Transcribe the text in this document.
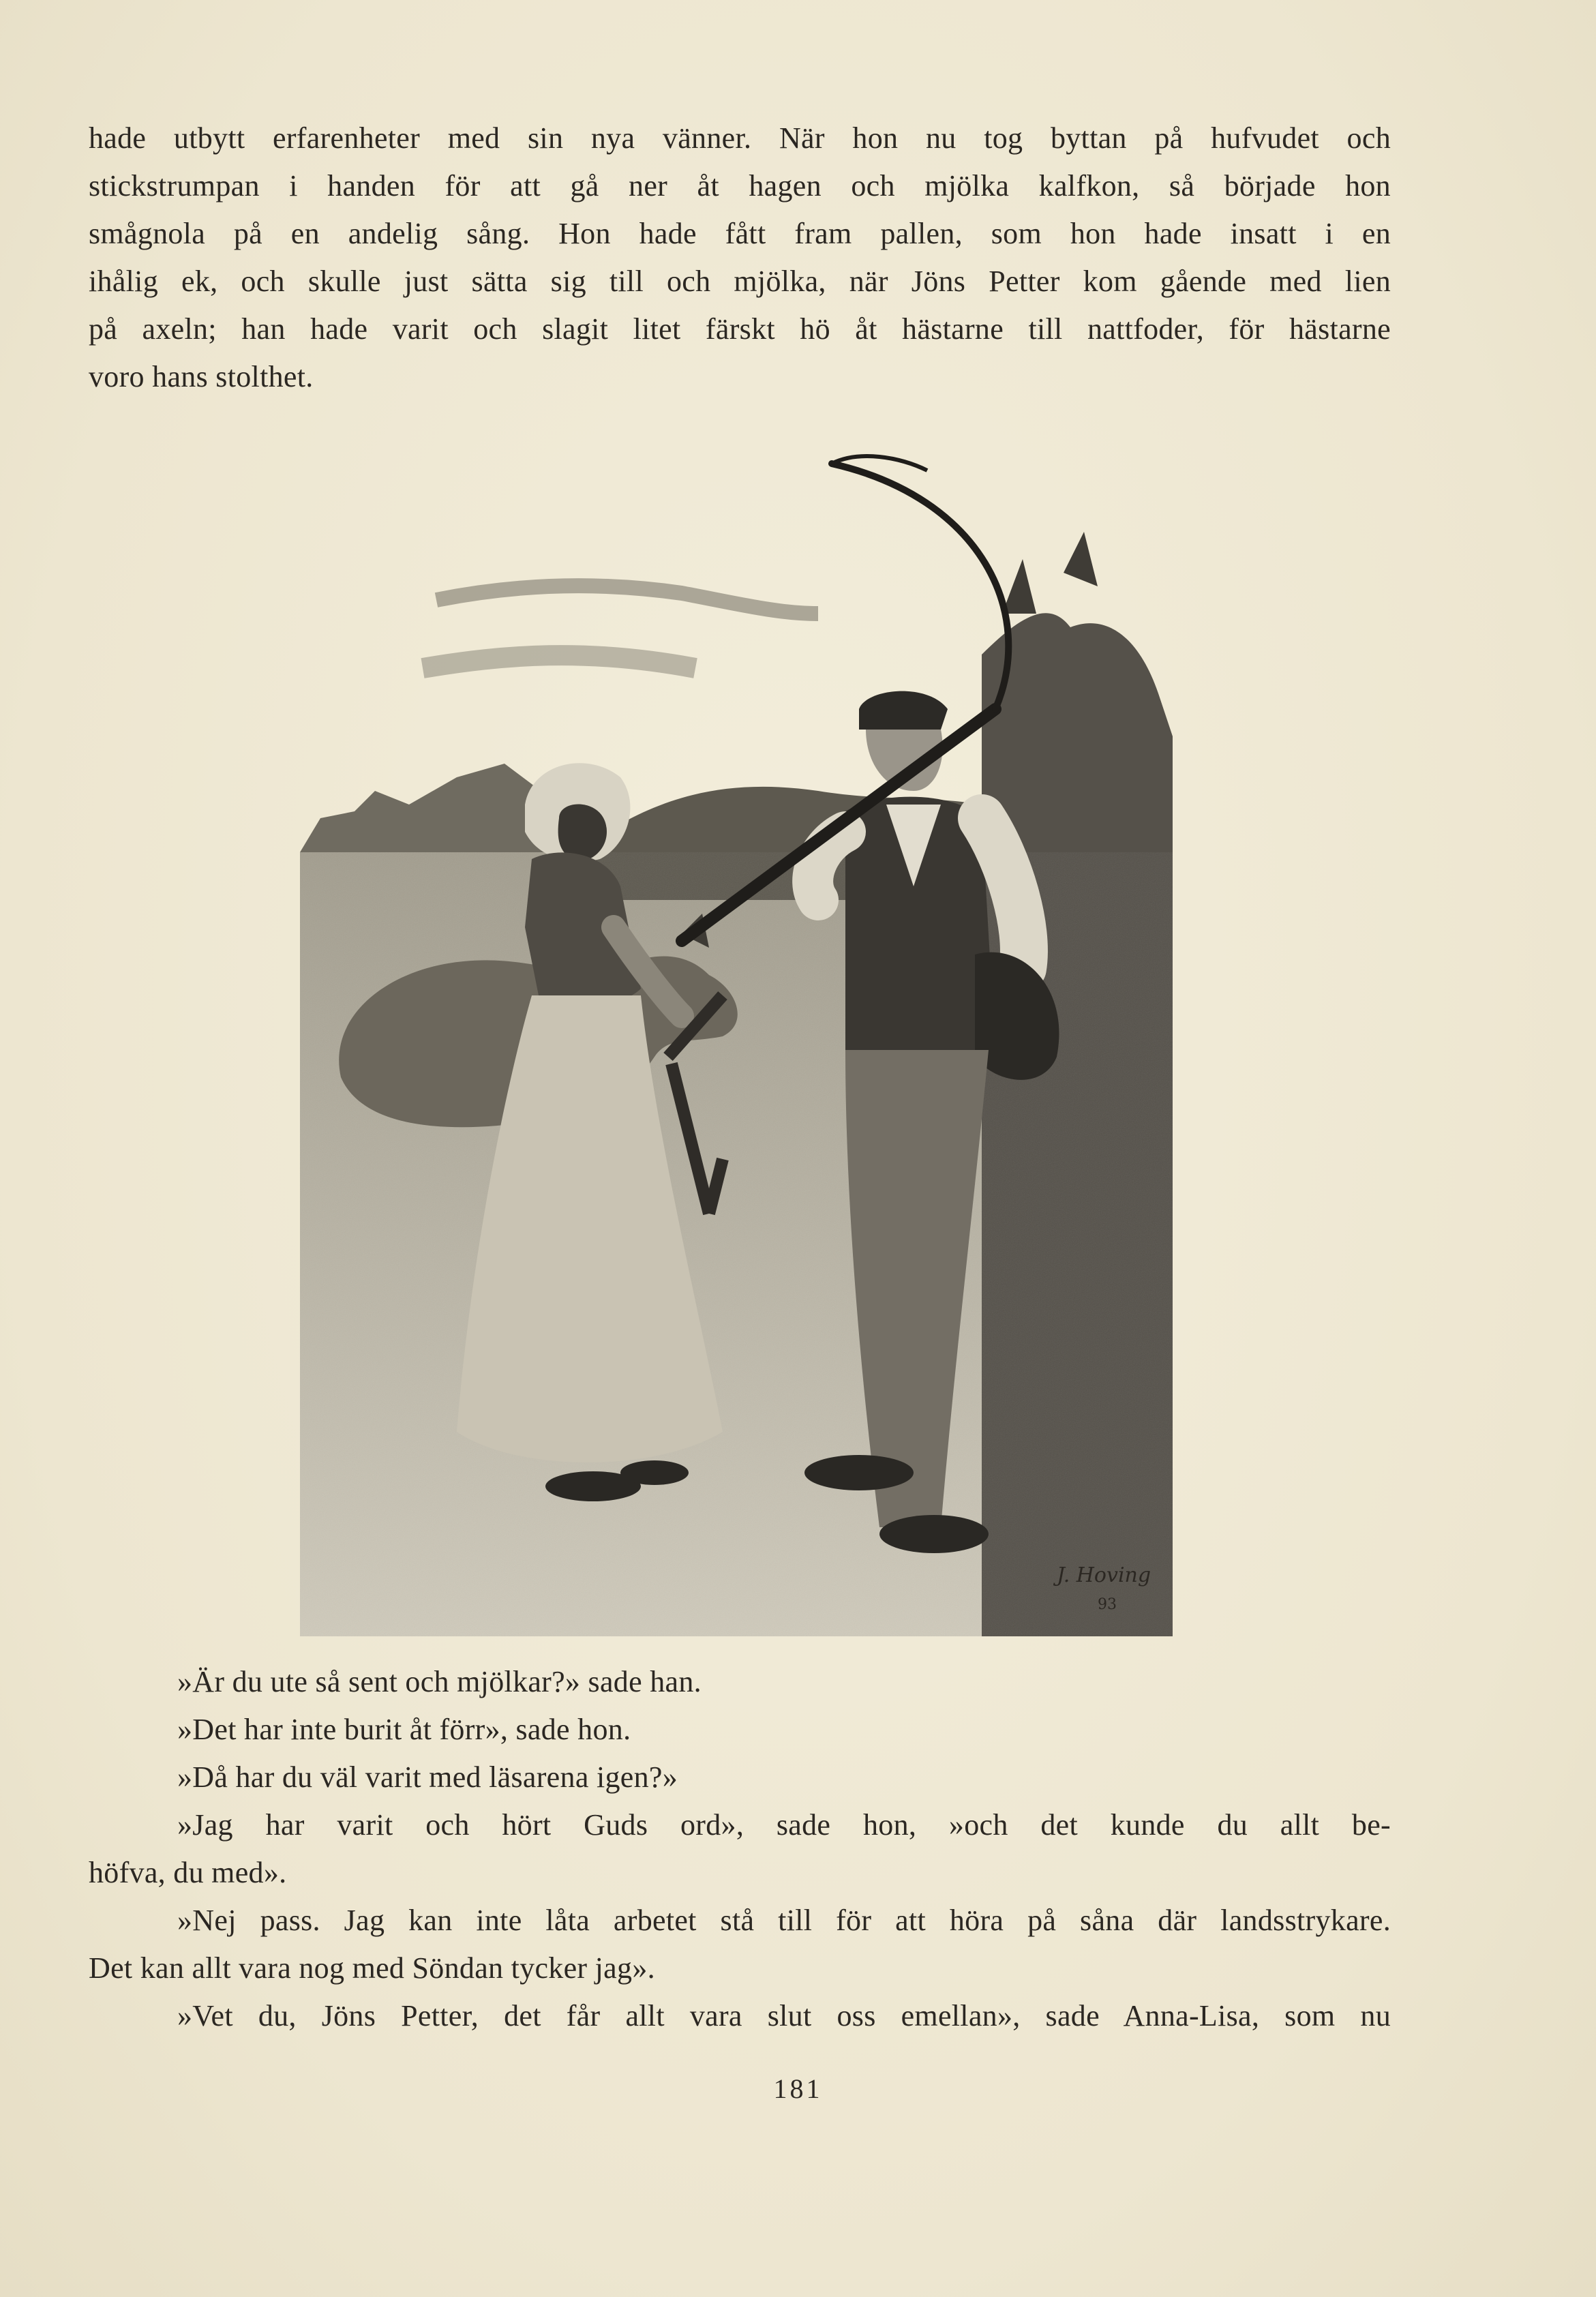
hade utbytt erfarenheter med sin nya vänner. När hon nu tog byttan på hufvudet och
stickstrumpan i handen för att gå ner åt hagen och mjölka kalfkon, så började hon
smågnola på en andelig sång. Hon hade fått fram pallen, som hon hade insatt i en
ihålig ek, och skulle just sätta sig till och mjölka, när Jöns Petter kom gående med lien
på axeln; han hade varit och slagit litet färskt hö åt hästarne till nattfoder, för hästarne
voro hans stolthet.
J. Hoving
93
»Är du ute så sent och mjölkar?» sade han.
»Det har inte burit åt förr», sade hon.
»Då har du väl varit med läsarena igen?»
»Jag har varit och hört Guds ord», sade hon, »och det kunde du allt be-
höfva, du med».
»Nej pass. Jag kan inte låta arbetet stå till för att höra på såna där landsstrykare.
Det kan allt vara nog med Söndan tycker jag».
»Vet du, Jöns Petter, det får allt vara slut oss emellan», sade Anna-Lisa, som nu
181
